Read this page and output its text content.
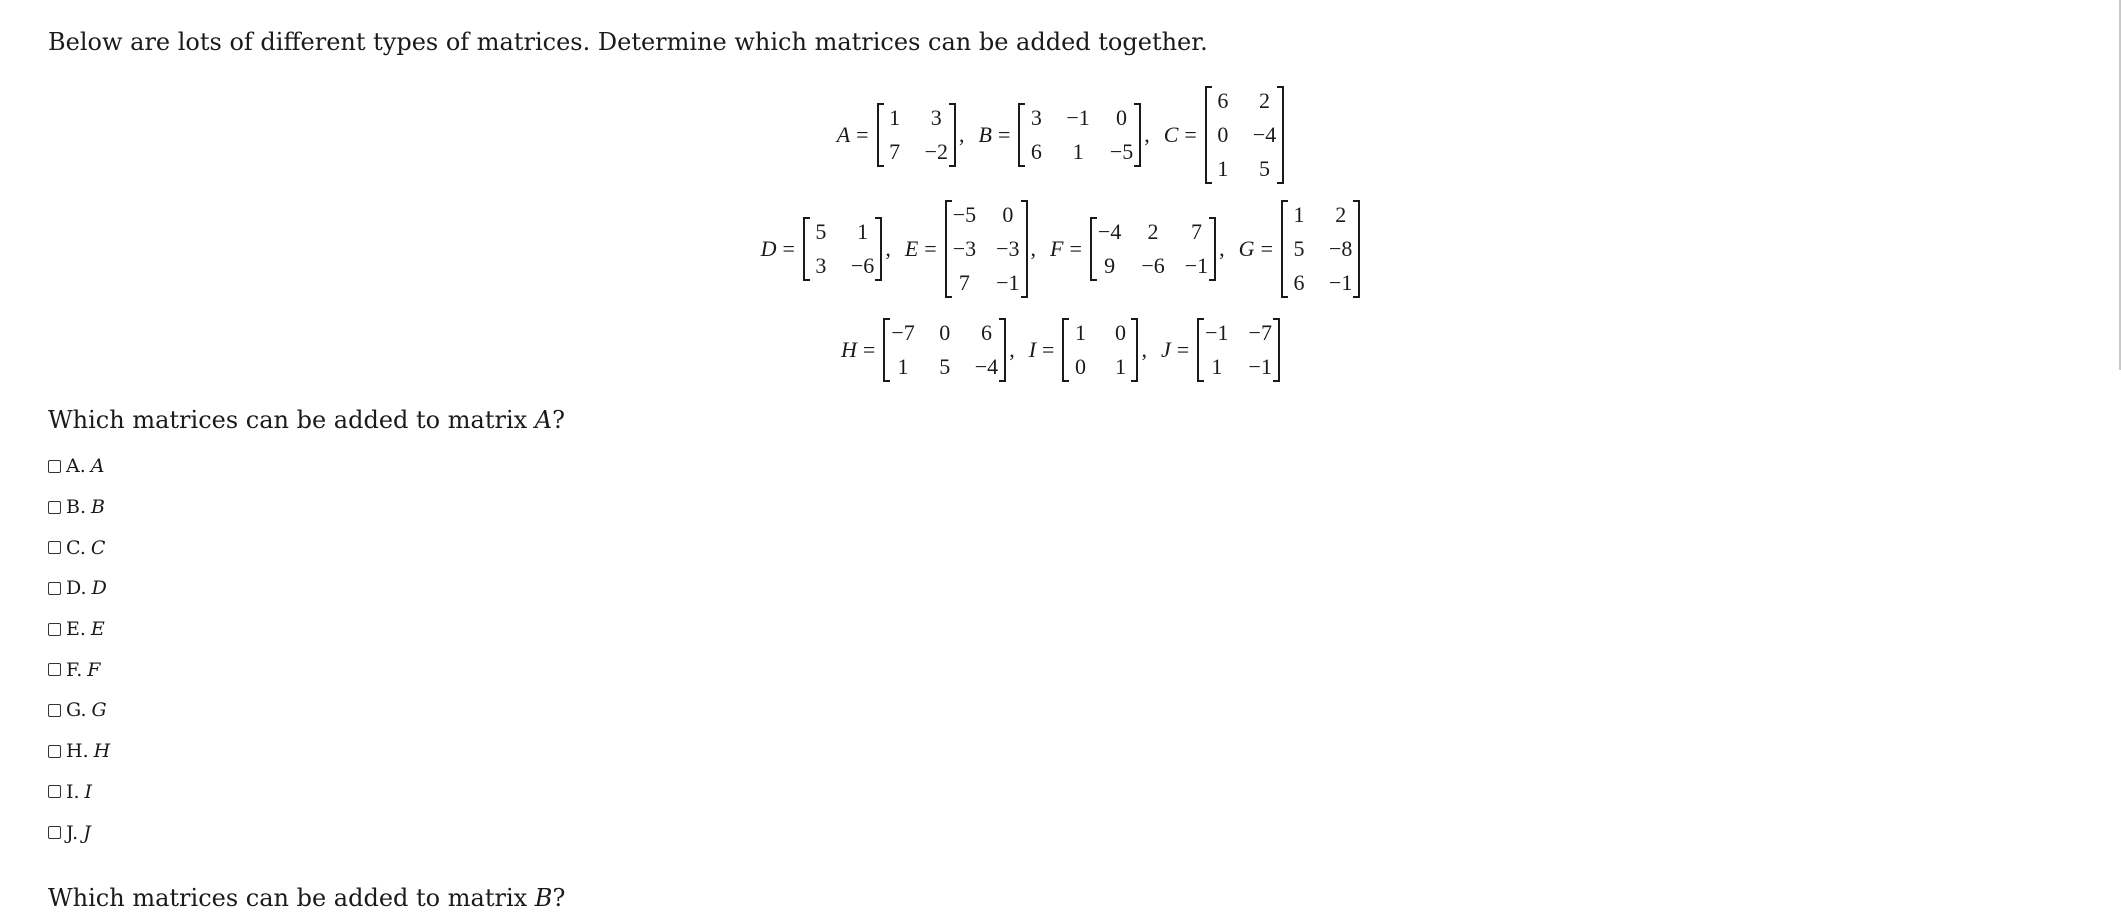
Below are lots of different types of matrices. Determine which matrices can be added together.

A =
1 3
7 −2
, B =
3 −1 0
6 1 −5
, C =
6 2
0 −4
1 5
D =
5 1
3 −6
, E =
−5 0
−3 −3
7 −1
, F =
−4 2 7
9 −6 −1
, G =
1 2
5 −8
6 −1
H =
−7 0 6
1 5 −4
, I =
1 0
0 1
, J =
−1 −7
1 −1

Which matrices can be added to matrix A?

A. A
B. B
C. C
D. D
E. E
F. F
G. G
H. H
I. I
J. J

Which matrices can be added to matrix B?
